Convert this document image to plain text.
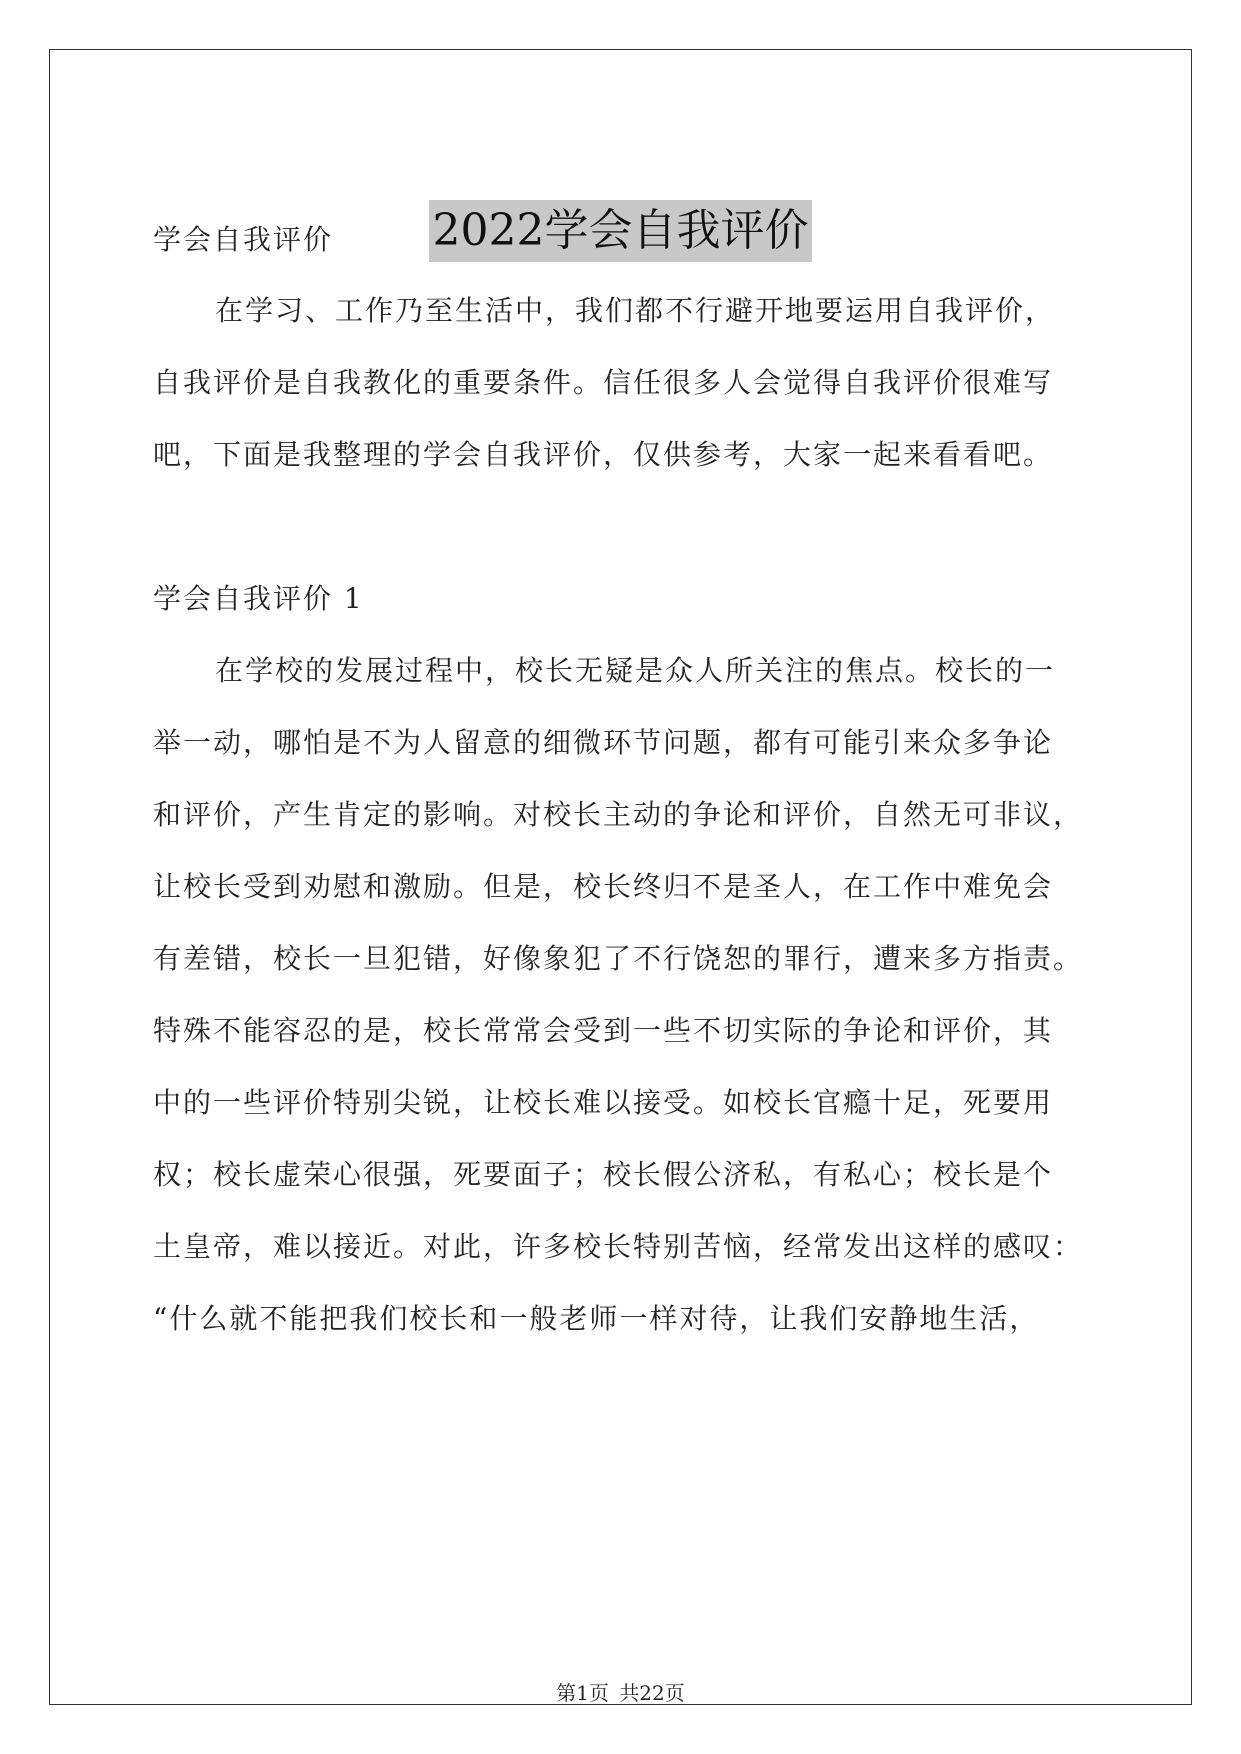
2022学会自我评价
学会自我评价
在学习、工作乃至生活中，我们都不行避开地要运用自我评价，
自我评价是自我教化的重要条件。信任很多人会觉得自我评价很难写
吧，下面是我整理的学会自我评价，仅供参考，大家一起来看看吧。
学会自我评价 1
在学校的发展过程中，校长无疑是众人所关注的焦点。校长的一
举一动，哪怕是不为人留意的细微环节问题，都有可能引来众多争论
和评价，产生肯定的影响。对校长主动的争论和评价，自然无可非议，
让校长受到劝慰和激励。但是，校长终归不是圣人，在工作中难免会
有差错，校长一旦犯错，好像象犯了不行饶恕的罪行，遭来多方指责。
特殊不能容忍的是，校长常常会受到一些不切实际的争论和评价，其
中的一些评价特别尖锐，让校长难以接受。如校长官瘾十足，死要用
权；校长虚荣心很强，死要面子；校长假公济私，有私心；校长是个
土皇帝，难以接近。对此，许多校长特别苦恼，经常发出这样的感叹：
“什么就不能把我们校长和一般老师一样对待，让我们安静地生活，
第1页 共22页
